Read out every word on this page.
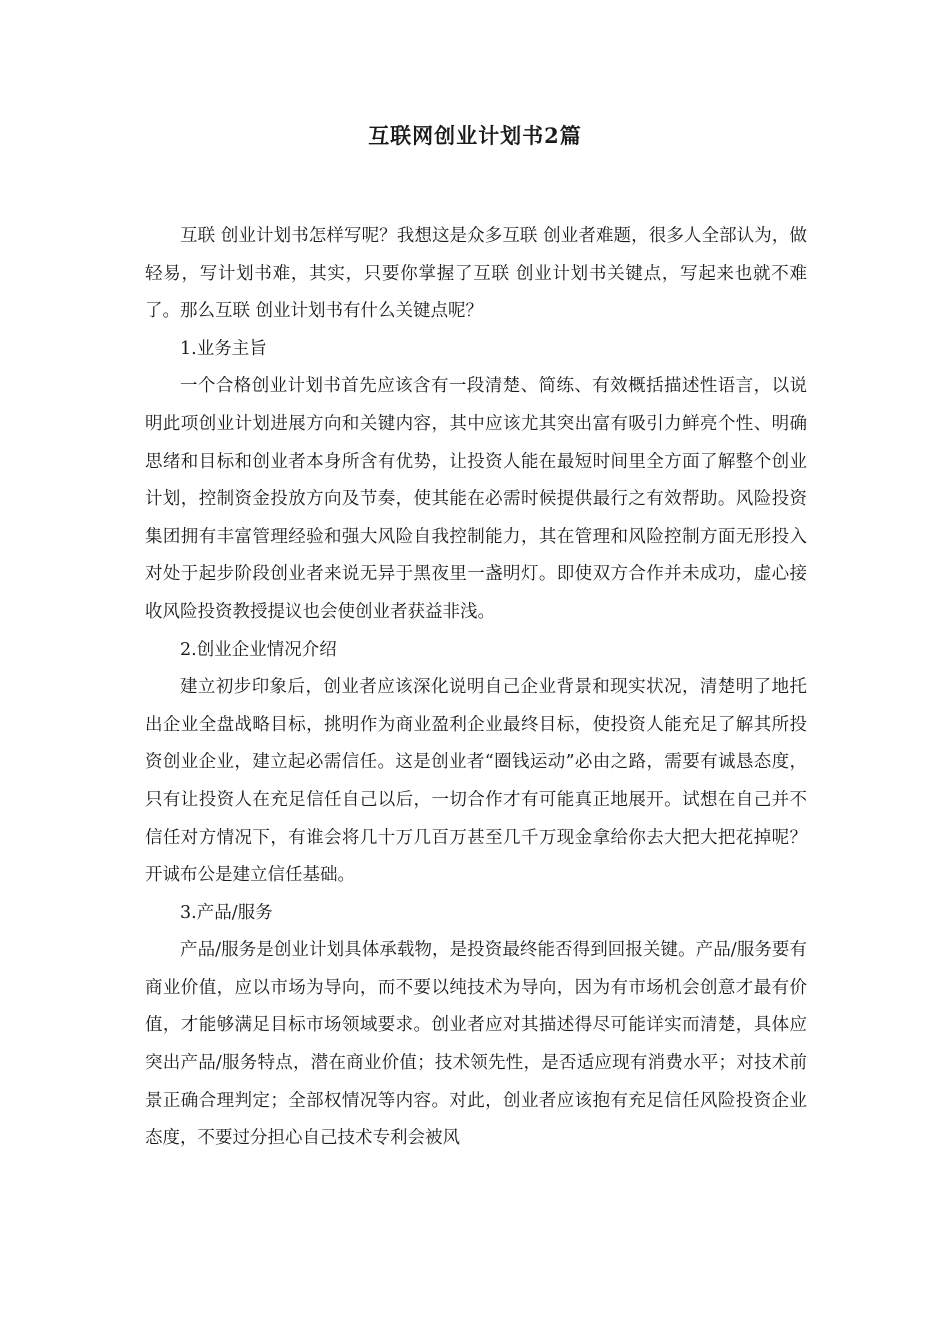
互联网创业计划书2篇

互联 创业计划书怎样写呢？我想这是众多互联 创业者难题，很多人全部认为，做轻易，写计划书难，其实，只要你掌握了互联 创业计划书关键点，写起来也就不难了。那么互联 创业计划书有什么关键点呢？

1.业务主旨

一个合格创业计划书首先应该含有一段清楚、简练、有效概括描述性语言，以说明此项创业计划进展方向和关键内容，其中应该尤其突出富有吸引力鲜亮个性、明确思绪和目标和创业者本身所含有优势，让投资人能在最短时间里全方面了解整个创业计划，控制资金投放方向及节奏，使其能在必需时候提供最行之有效帮助。风险投资集团拥有丰富管理经验和强大风险自我控制能力，其在管理和风险控制方面无形投入对处于起步阶段创业者来说无异于黑夜里一盏明灯。即使双方合作并未成功，虚心接收风险投资教授提议也会使创业者获益非浅。

2.创业企业情况介绍

建立初步印象后，创业者应该深化说明自己企业背景和现实状况，清楚明了地托出企业全盘战略目标，挑明作为商业盈利企业最终目标，使投资人能充足了解其所投资创业企业，建立起必需信任。这是创业者“圈钱运动”必由之路，需要有诚恳态度，只有让投资人在充足信任自己以后，一切合作才有可能真正地展开。试想在自己并不信任对方情况下，有谁会将几十万几百万甚至几千万现金拿给你去大把大把花掉呢？开诚布公是建立信任基础。

3.产品/服务

产品/服务是创业计划具体承载物，是投资最终能否得到回报关键。产品/服务要有商业价值，应以市场为导向，而不要以纯技术为导向，因为有市场机会创意才最有价值，才能够满足目标市场领域要求。创业者应对其描述得尽可能详实而清楚，具体应突出产品/服务特点，潜在商业价值；技术领先性，是否适应现有消费水平；对技术前景正确合理判定；全部权情况等内容。对此，创业者应该抱有充足信任风险投资企业态度，不要过分担心自己技术专利会被风
